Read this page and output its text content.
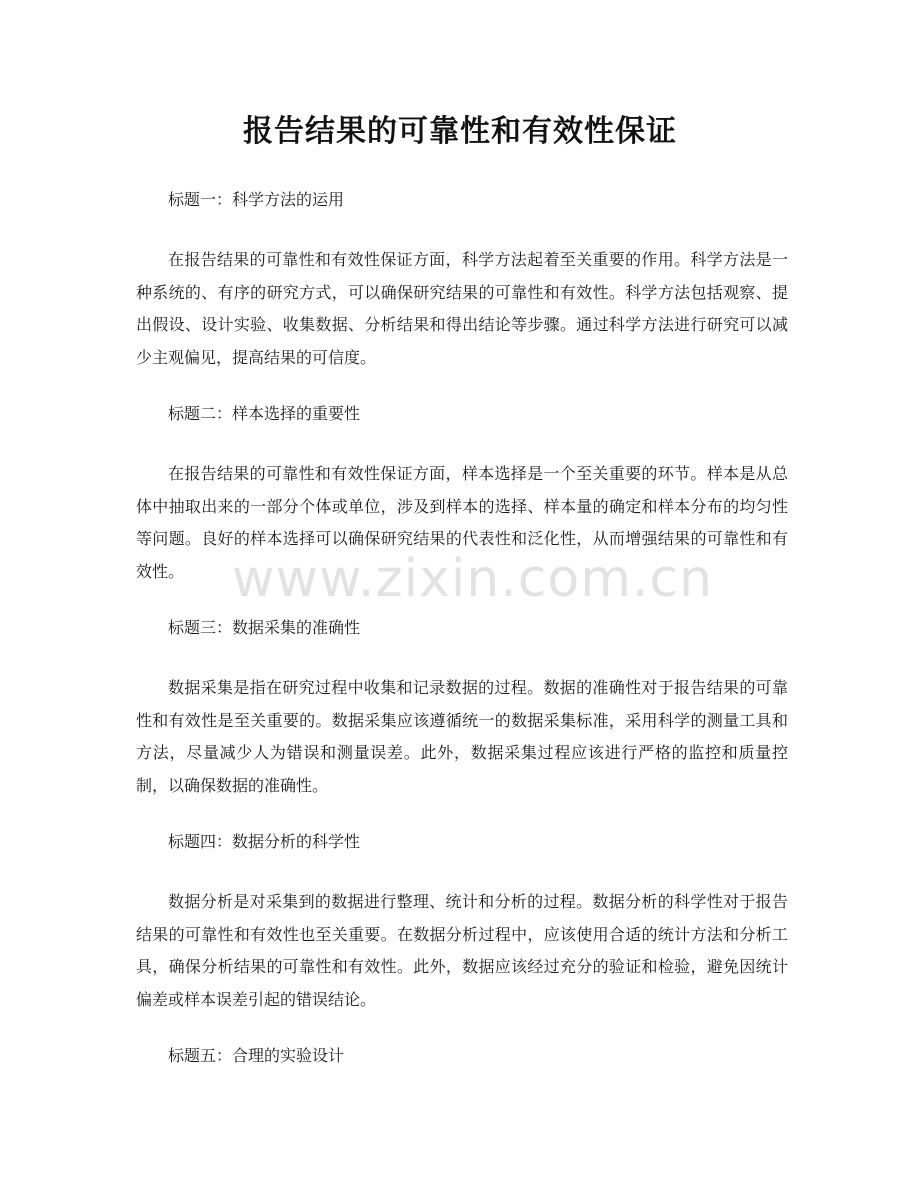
报告结果的可靠性和有效性保证

标题一：科学方法的运用

在报告结果的可靠性和有效性保证方面，科学方法起着至关重要的作用。科学方法是一种系统的、有序的研究方式，可以确保研究结果的可靠性和有效性。科学方法包括观察、提出假设、设计实验、收集数据、分析结果和得出结论等步骤。通过科学方法进行研究可以减少主观偏见，提高结果的可信度。

标题二：样本选择的重要性

在报告结果的可靠性和有效性保证方面，样本选择是一个至关重要的环节。样本是从总体中抽取出来的一部分个体或单位，涉及到样本的选择、样本量的确定和样本分布的均匀性等问题。良好的样本选择可以确保研究结果的代表性和泛化性，从而增强结果的可靠性和有效性。

标题三：数据采集的准确性

数据采集是指在研究过程中收集和记录数据的过程。数据的准确性对于报告结果的可靠性和有效性是至关重要的。数据采集应该遵循统一的数据采集标准，采用科学的测量工具和方法，尽量减少人为错误和测量误差。此外，数据采集过程应该进行严格的监控和质量控制，以确保数据的准确性。

标题四：数据分析的科学性

数据分析是对采集到的数据进行整理、统计和分析的过程。数据分析的科学性对于报告结果的可靠性和有效性也至关重要。在数据分析过程中，应该使用合适的统计方法和分析工具，确保分析结果的可靠性和有效性。此外，数据应该经过充分的验证和检验，避免因统计偏差或样本误差引起的错误结论。

标题五：合理的实验设计

www.zixin.com.cn
